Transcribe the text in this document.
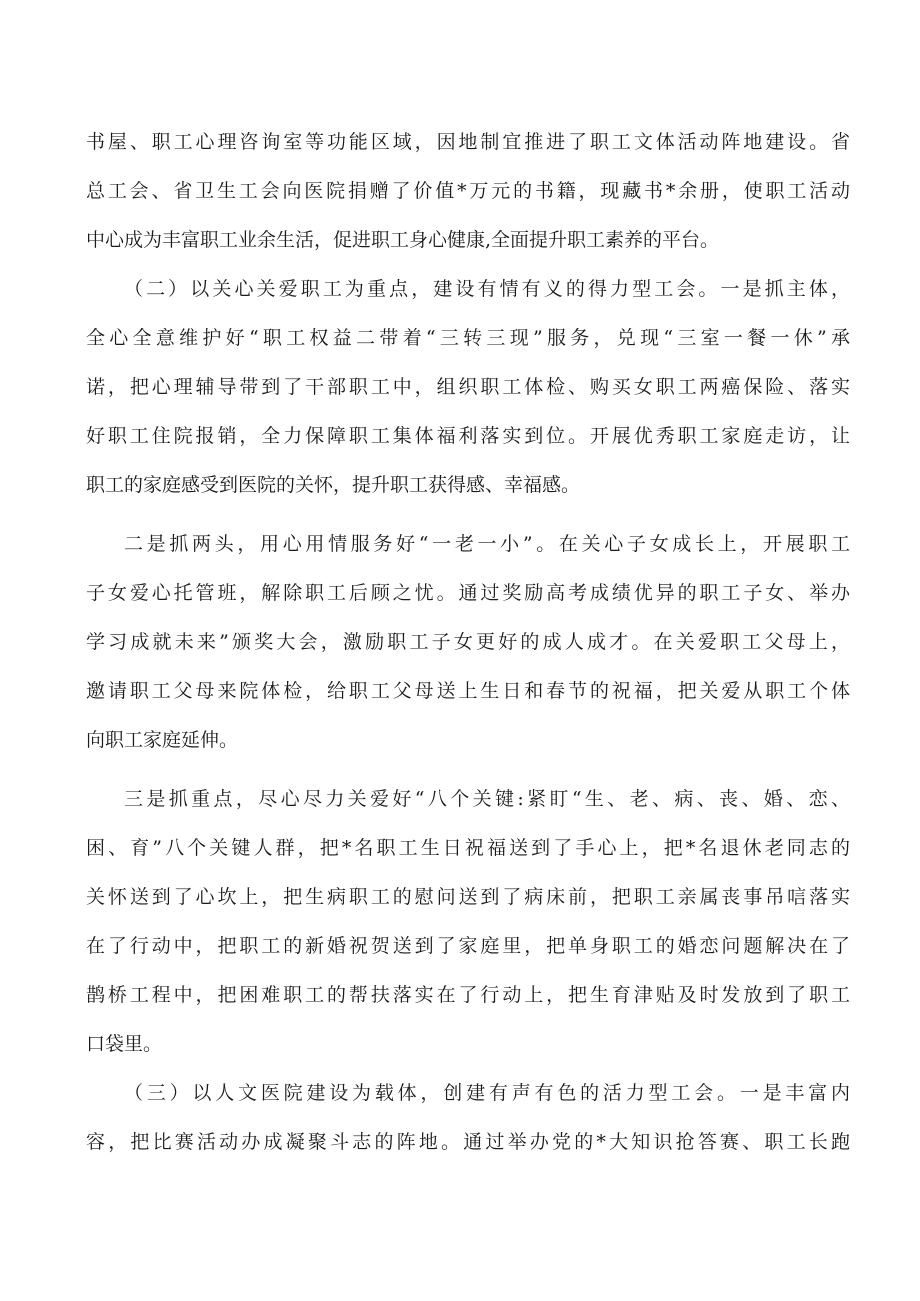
书屋、职工心理咨询室等功能区域，因地制宜推进了职工文体活动阵地建设。省
总工会、省卫生工会向医院捐赠了价值*万元的书籍，现藏书*余册，使职工活动
中心成为丰富职工业余生活，促进职工身心健康,全面提升职工素养的平台。
（二）以关心关爱职工为重点，建设有情有义的得力型工会。一是抓主体，
全心全意维护好“职工权益二带着“三转三现”服务，兑现“三室一餐一休”承
诺，把心理辅导带到了干部职工中，组织职工体检、购买女职工两癌保险、落实
好职工住院报销，全力保障职工集体福利落实到位。开展优秀职工家庭走访，让
职工的家庭感受到医院的关怀，提升职工获得感、幸福感。
二是抓两头，用心用情服务好“一老一小”。在关心子女成长上，开展职工
子女爱心托管班，解除职工后顾之忧。通过奖励高考成绩优异的职工子女、举办
学习成就未来”颁奖大会，激励职工子女更好的成人成才。在关爱职工父母上，
邀请职工父母来院体检，给职工父母送上生日和春节的祝福，把关爱从职工个体
向职工家庭延伸。
三是抓重点，尽心尽力关爱好“八个关键:紧盯“生、老、病、丧、婚、恋、
困、育”八个关键人群，把*名职工生日祝福送到了手心上，把*名退休老同志的
关怀送到了心坎上，把生病职工的慰问送到了病床前，把职工亲属丧事吊唁落实
在了行动中，把职工的新婚祝贺送到了家庭里，把单身职工的婚恋问题解决在了
鹊桥工程中，把困难职工的帮扶落实在了行动上，把生育津贴及时发放到了职工
口袋里。
（三）以人文医院建设为载体，创建有声有色的活力型工会。一是丰富内
容，把比赛活动办成凝聚斗志的阵地。通过举办党的*大知识抢答赛、职工长跑
